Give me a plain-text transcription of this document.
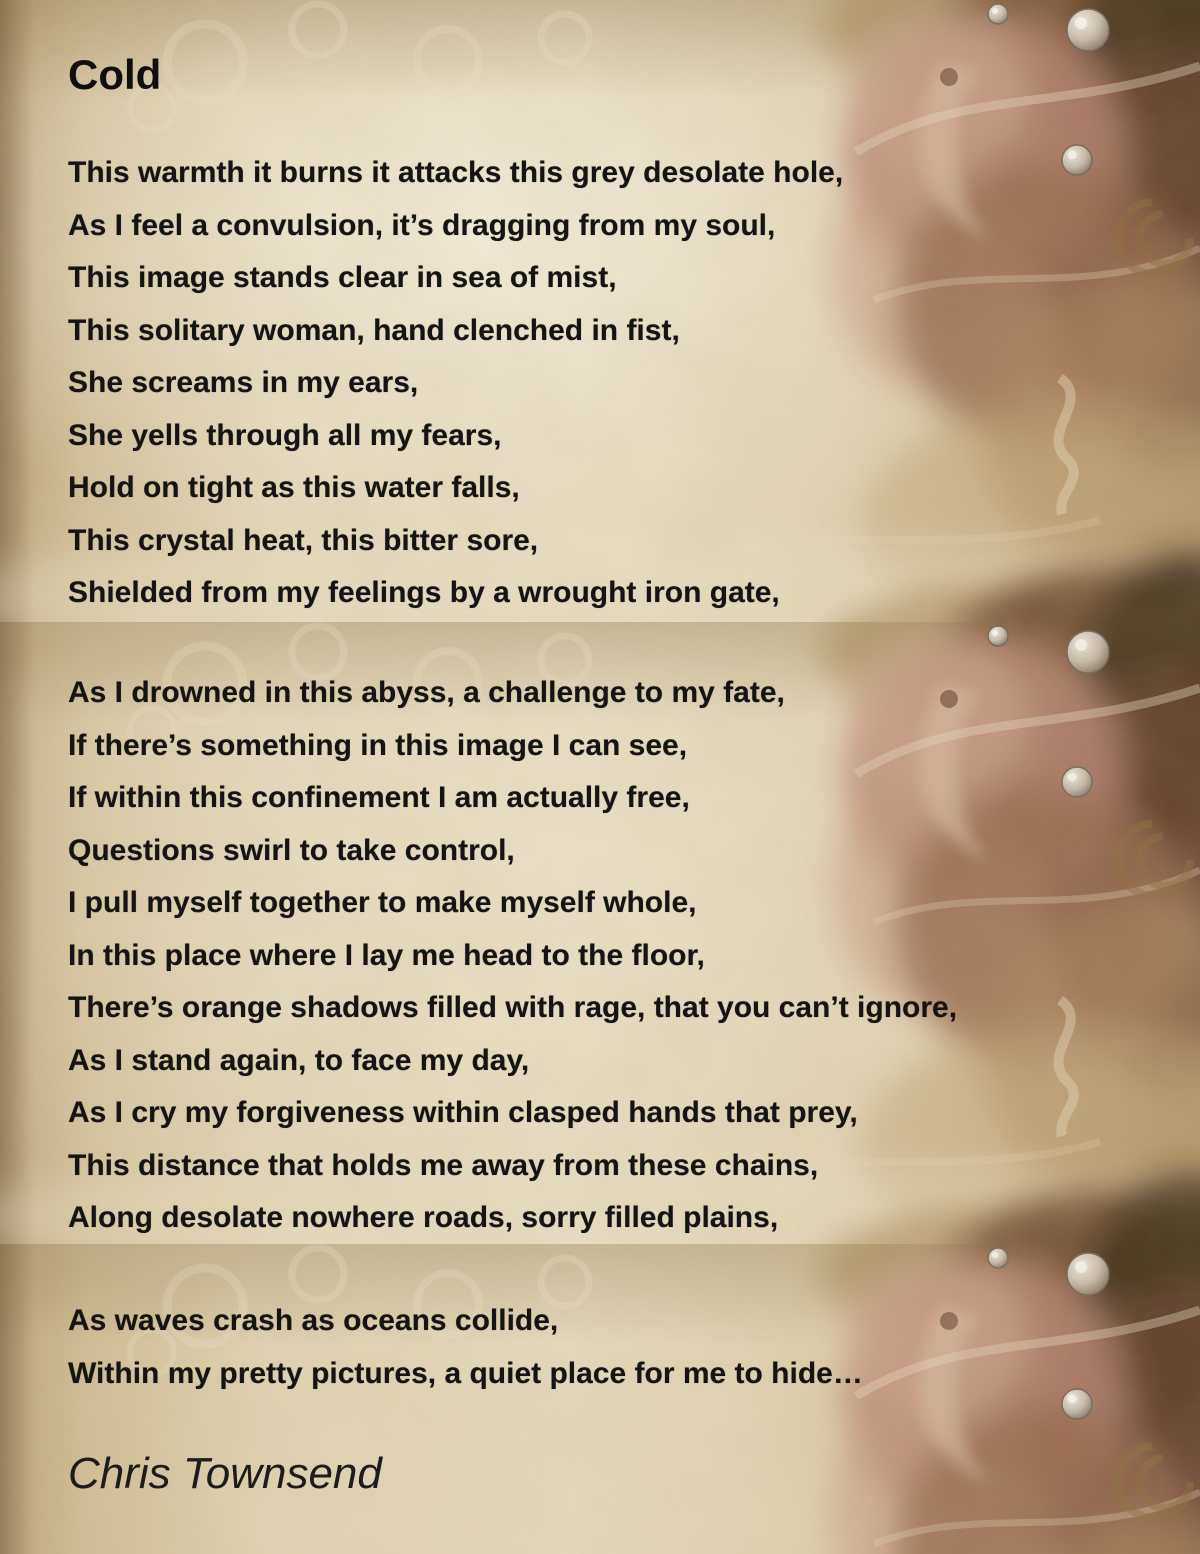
Cold
This warmth it burns it attacks this grey desolate hole,
As I feel a convulsion, it’s dragging from my soul,
This image stands clear in sea of mist,
This solitary woman, hand clenched in fist,
She screams in my ears,
She yells through all my fears,
Hold on tight as this water falls,
This crystal heat, this bitter sore,
Shielded from my feelings by a wrought iron gate,
As I drowned in this abyss, a challenge to my fate,
If there’s something in this image I can see,
If within this confinement I am actually free,
Questions swirl to take control,
I pull myself together to make myself whole,
In this place where I lay me head to the floor,
There’s orange shadows filled with rage, that you can’t ignore,
As I stand again, to face my day,
As I cry my forgiveness within clasped hands that prey,
This distance that holds me away from these chains,
Along desolate nowhere roads, sorry filled plains,
As waves crash as oceans collide,
Within my pretty pictures, a quiet place for me to hide…
Chris Townsend
